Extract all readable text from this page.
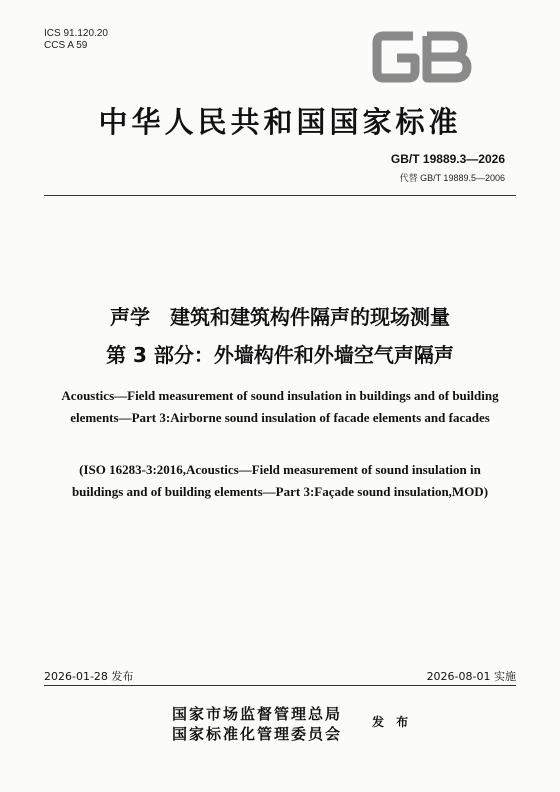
ICS 91.120.20
CCS A 59
中华人民共和国国家标准
GB/T 19889.3—2026
代替 GB/T 19889.5—2006
声学　建筑和建筑构件隔声的现场测量
第 3 部分：外墙构件和外墙空气声隔声
Acoustics—Field measurement of sound insulation in buildings and of building
elements—Part 3:Airborne sound insulation of facade elements and facades
(ISO 16283-3:2016,Acoustics—Field measurement of sound insulation in
buildings and of building elements—Part 3:Façade sound insulation,MOD)
2026-01-28 发布	2026-08-01 实施
国家市场监督管理总局
国家标准化管理委员会
发 布
